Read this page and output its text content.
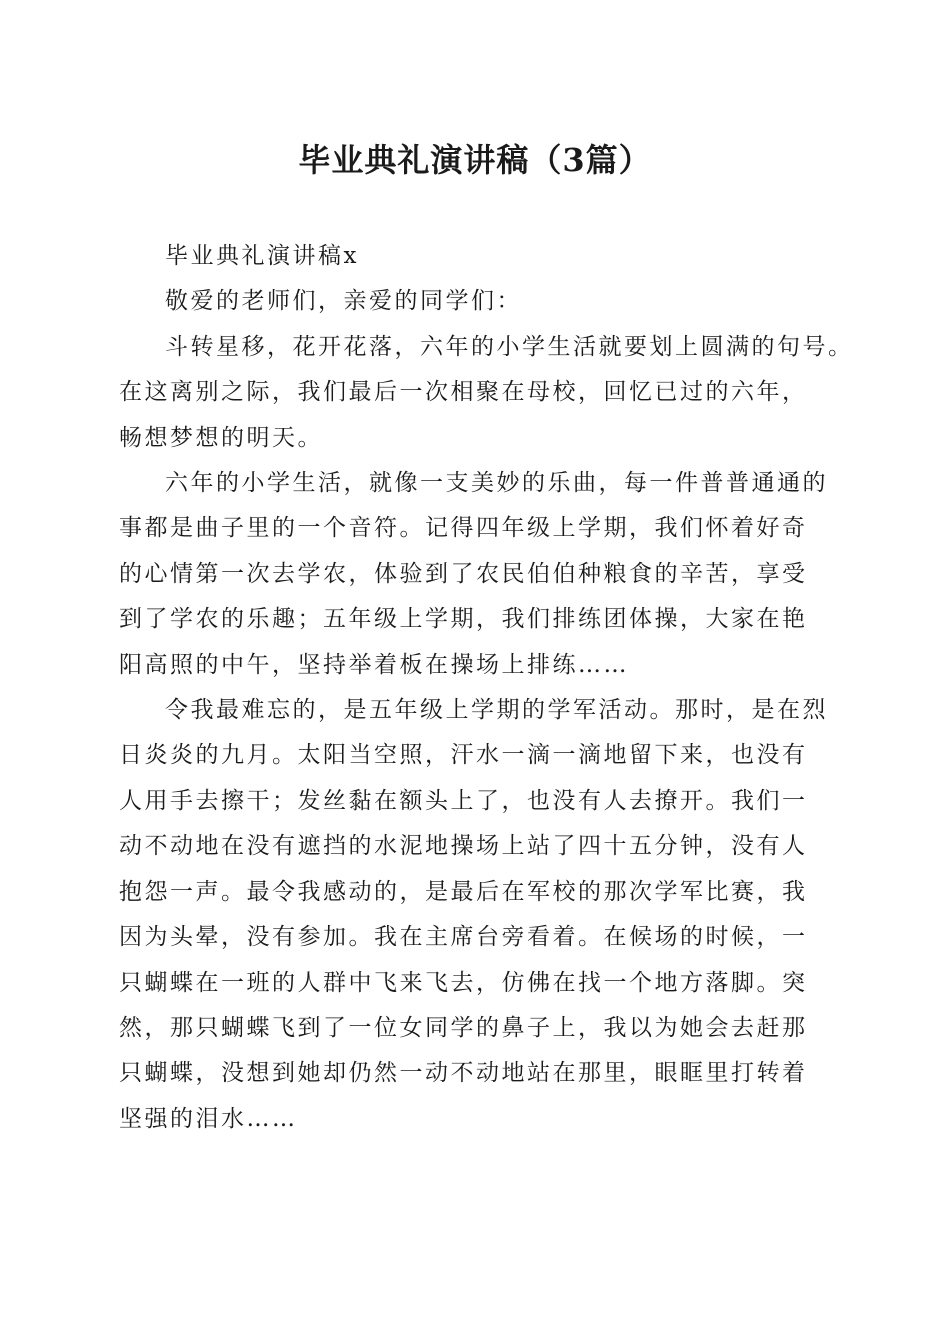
毕业典礼演讲稿（3篇）

毕业典礼演讲稿x

敬爱的老师们，亲爱的同学们：

斗转星移，花开花落，六年的小学生活就要划上圆满的句号。
在这离别之际，我们最后一次相聚在母校，回忆已过的六年，
畅想梦想的明天。

六年的小学生活，就像一支美妙的乐曲，每一件普普通通的
事都是曲子里的一个音符。记得四年级上学期，我们怀着好奇
的心情第一次去学农，体验到了农民伯伯种粮食的辛苦，享受
到了学农的乐趣；五年级上学期，我们排练团体操，大家在艳
阳高照的中午，坚持举着板在操场上排练……

令我最难忘的，是五年级上学期的学军活动。那时，是在烈
日炎炎的九月。太阳当空照，汗水一滴一滴地留下来，也没有
人用手去擦干；发丝黏在额头上了，也没有人去撩开。我们一
动不动地在没有遮挡的水泥地操场上站了四十五分钟，没有人
抱怨一声。最令我感动的，是最后在军校的那次学军比赛，我
因为头晕，没有参加。我在主席台旁看着。在候场的时候，一
只蝴蝶在一班的人群中飞来飞去，仿佛在找一个地方落脚。突
然，那只蝴蝶飞到了一位女同学的鼻子上，我以为她会去赶那
只蝴蝶，没想到她却仍然一动不动地站在那里，眼眶里打转着
坚强的泪水……
